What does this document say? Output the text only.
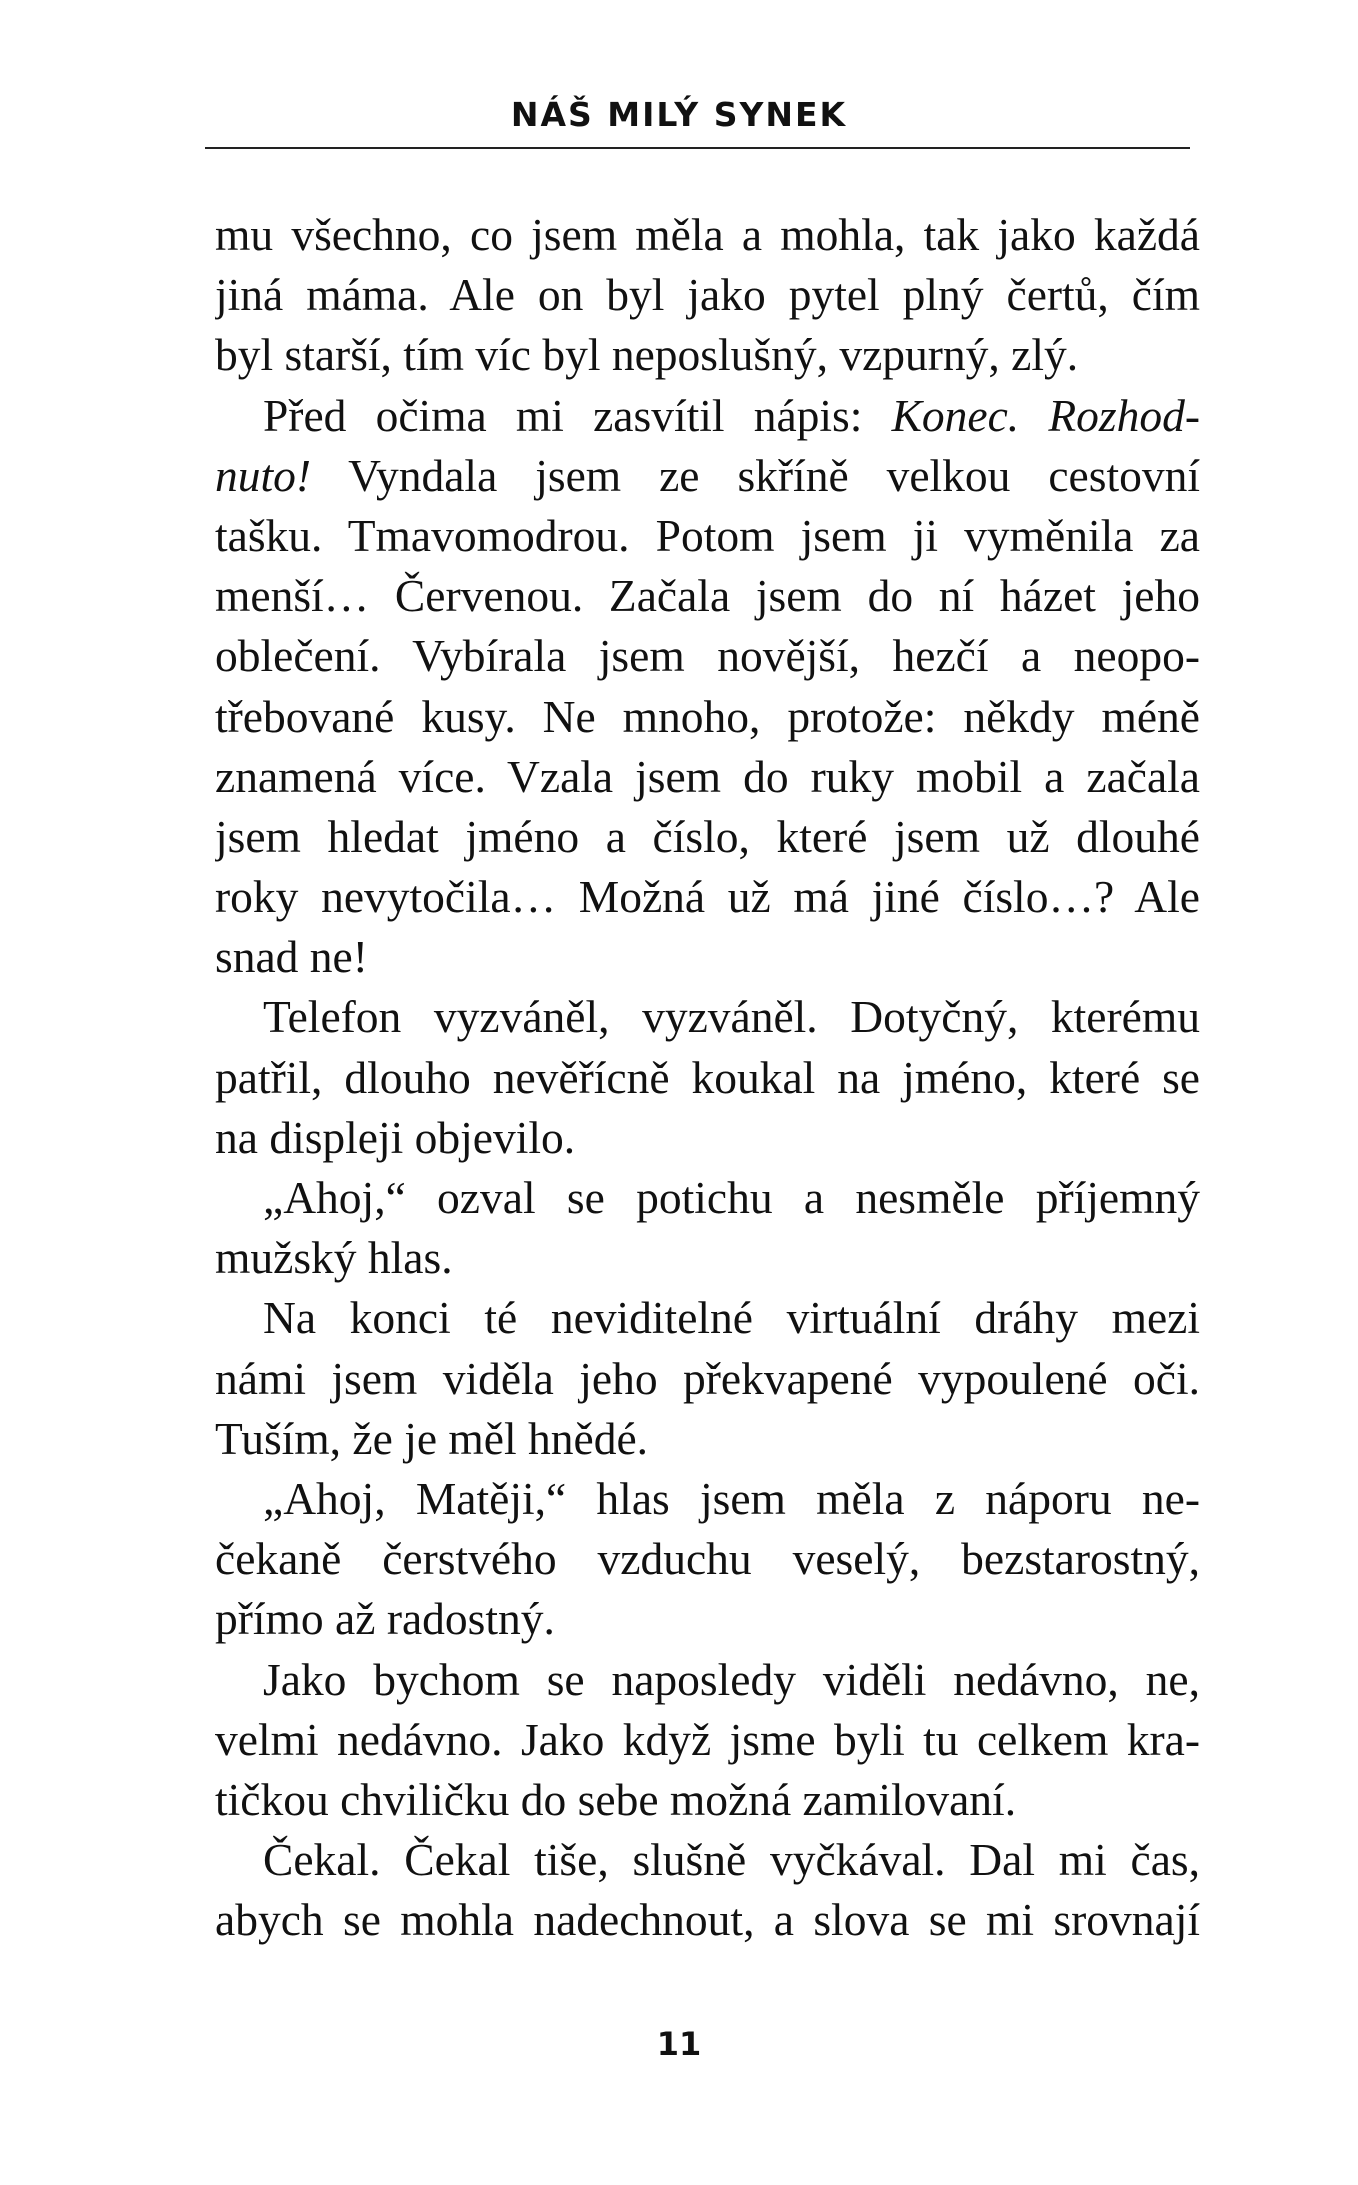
NÁŠ MILÝ SYNEK
mu všechno, co jsem měla a mohla, tak jako každá
jiná máma. Ale on byl jako pytel plný čertů, čím
byl starší, tím víc byl neposlušný, vzpurný, zlý.
Před očima mi zasvítil nápis: Konec. Rozhod-
nuto! Vyndala jsem ze skříně velkou cestovní
tašku. Tmavomodrou. Potom jsem ji vyměnila za
menší… Červenou. Začala jsem do ní házet jeho
oblečení. Vybírala jsem novější, hezčí a neopo-
třebované kusy. Ne mnoho, protože: někdy méně
znamená více. Vzala jsem do ruky mobil a začala
jsem hledat jméno a číslo, které jsem už dlouhé
roky nevytočila… Možná už má jiné číslo…? Ale
snad ne!
Telefon vyzváněl, vyzváněl. Dotyčný, kterému
patřil, dlouho nevěřícně koukal na jméno, které se
na displeji objevilo.
„Ahoj,“ ozval se potichu a nesměle příjemný
mužský hlas.
Na konci té neviditelné virtuální dráhy mezi
námi jsem viděla jeho překvapené vypoulené oči.
Tuším, že je měl hnědé.
„Ahoj, Matěji,“ hlas jsem měla z náporu ne-
čekaně čerstvého vzduchu veselý, bezstarostný,
přímo až radostný.
Jako bychom se naposledy viděli nedávno, ne,
velmi nedávno. Jako když jsme byli tu celkem kra-
tičkou chviličku do sebe možná zamilovaní.
Čekal. Čekal tiše, slušně vyčkával. Dal mi čas,
abych se mohla nadechnout, a slova se mi srovnají
11
